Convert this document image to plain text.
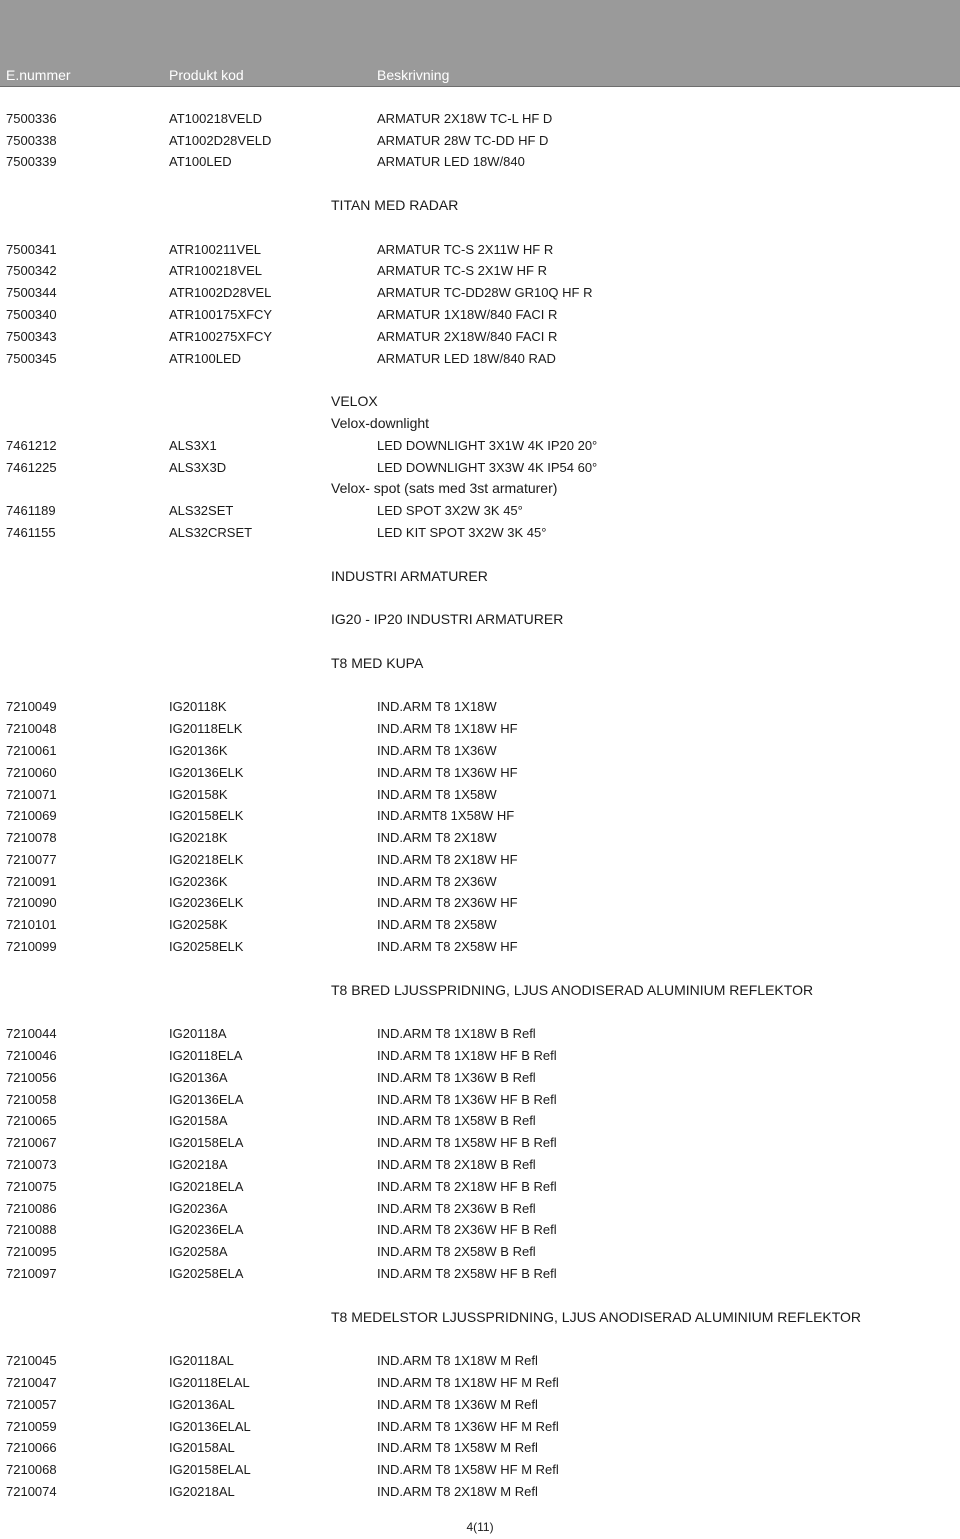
E.nummer	Produkt kod	Beskrivning
7500336	AT100218VELD	ARMATUR 2X18W TC-L HF D
7500338	AT1002D28VELD	ARMATUR 28W TC-DD HF D
7500339	AT100LED	ARMATUR LED 18W/840
TITAN MED RADAR
7500341	ATR100211VEL	ARMATUR TC-S 2X11W HF R
7500342	ATR100218VEL	ARMATUR TC-S 2X1W HF R
7500344	ATR1002D28VEL	ARMATUR TC-DD28W GR10Q HF R
7500340	ATR100175XFCY	ARMATUR 1X18W/840 FACI R
7500343	ATR100275XFCY	ARMATUR 2X18W/840 FACI R
7500345	ATR100LED	ARMATUR LED 18W/840 RAD
VELOX
Velox-downlight
7461212	ALS3X1	LED DOWNLIGHT 3X1W 4K IP20 20°
7461225	ALS3X3D	LED DOWNLIGHT 3X3W 4K IP54 60°
Velox- spot (sats med 3st armaturer)
7461189	ALS32SET	LED SPOT 3X2W 3K 45°
7461155	ALS32CRSET	LED KIT SPOT 3X2W 3K 45°
INDUSTRI ARMATURER
IG20 - IP20 INDUSTRI ARMATURER
T8 MED KUPA
7210049	IG20118K	IND.ARM T8 1X18W
7210048	IG20118ELK	IND.ARM T8 1X18W HF
7210061	IG20136K	IND.ARM T8 1X36W
7210060	IG20136ELK	IND.ARM T8 1X36W HF
7210071	IG20158K	IND.ARM T8 1X58W
7210069	IG20158ELK	IND.ARMT8 1X58W HF
7210078	IG20218K	IND.ARM T8 2X18W
7210077	IG20218ELK	IND.ARM T8 2X18W HF
7210091	IG20236K	IND.ARM T8 2X36W
7210090	IG20236ELK	IND.ARM T8 2X36W HF
7210101	IG20258K	IND.ARM T8 2X58W
7210099	IG20258ELK	IND.ARM T8 2X58W HF
T8 BRED LJUSSPRIDNING, LJUS ANODISERAD ALUMINIUM REFLEKTOR
7210044	IG20118A	IND.ARM T8 1X18W B Refl
7210046	IG20118ELA	IND.ARM T8 1X18W HF B Refl
7210056	IG20136A	IND.ARM T8 1X36W B Refl
7210058	IG20136ELA	IND.ARM T8 1X36W HF B Refl
7210065	IG20158A	IND.ARM T8 1X58W B Refl
7210067	IG20158ELA	IND.ARM T8 1X58W HF B Refl
7210073	IG20218A	IND.ARM T8 2X18W B Refl
7210075	IG20218ELA	IND.ARM T8 2X18W HF B Refl
7210086	IG20236A	IND.ARM T8 2X36W B Refl
7210088	IG20236ELA	IND.ARM T8 2X36W HF B Refl
7210095	IG20258A	IND.ARM T8 2X58W B Refl
7210097	IG20258ELA	IND.ARM T8 2X58W HF B Refl
T8 MEDELSTOR LJUSSPRIDNING, LJUS ANODISERAD ALUMINIUM REFLEKTOR
7210045	IG20118AL	IND.ARM T8 1X18W M Refl
7210047	IG20118ELAL	IND.ARM T8 1X18W HF M Refl
7210057	IG20136AL	IND.ARM T8 1X36W M Refl
7210059	IG20136ELAL	IND.ARM T8 1X36W HF M Refl
7210066	IG20158AL	IND.ARM T8 1X58W M Refl
7210068	IG20158ELAL	IND.ARM T8 1X58W HF M Refl
7210074	IG20218AL	IND.ARM T8 2X18W M Refl
4(11)
